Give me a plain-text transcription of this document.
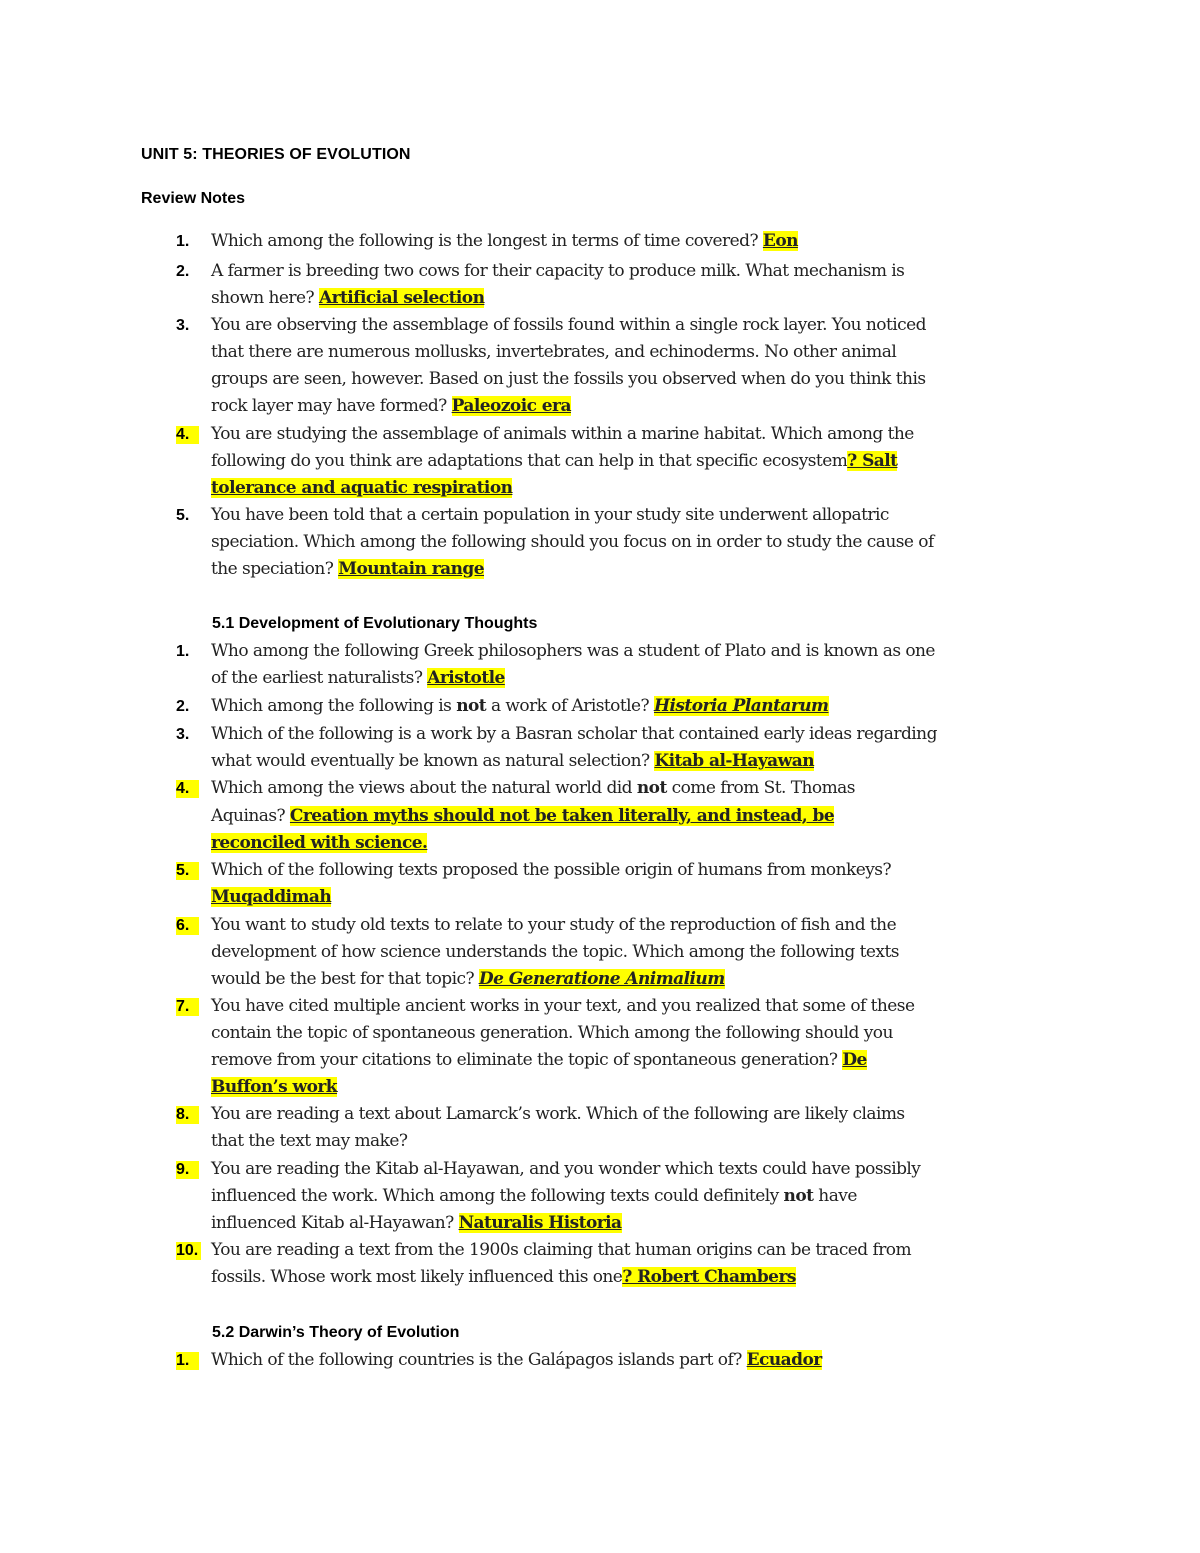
UNIT 5: THEORIES OF EVOLUTION
Review Notes
1. Which among the following is the longest in terms of time covered? Eon
2. A farmer is breeding two cows for their capacity to produce milk. What mechanism is
shown here? Artificial selection
3. You are observing the assemblage of fossils found within a single rock layer. You noticed
that there are numerous mollusks, invertebrates, and echinoderms. No other animal
groups are seen, however. Based on just the fossils you observed when do you think this
rock layer may have formed? Paleozoic era
4.	You are studying the assemblage of animals within a marine habitat. Which among the
following do you think are adaptations that can help in that specific ecosystem? Salt
tolerance and aquatic respiration
5. You have been told that a certain population in your study site underwent allopatric
speciation. Which among the following should you focus on in order to study the cause of
the speciation? Mountain range
5.1 Development of Evolutionary Thoughts
1. Who among the following Greek philosophers was a student of Plato and is known as one
of the earliest naturalists? Aristotle
2. Which among the following is not a work of Aristotle? Historia Plantarum
3. Which of the following is a work by a Basran scholar that contained early ideas regarding
what would eventually be known as natural selection? Kitab al-Hayawan
4.	Which among the views about the natural world did not come from St. Thomas
Aquinas? Creation myths should not be taken literally, and instead, be
reconciled with science.
5.	Which of the following texts proposed the possible origin of humans from monkeys?
Muqaddimah
6.	You want to study old texts to relate to your study of the reproduction of fish and the
development of how science understands the topic. Which among the following texts
would be the best for that topic? De Generatione Animalium
7.	You have cited multiple ancient works in your text, and you realized that some of these
contain the topic of spontaneous generation. Which among the following should you
remove from your citations to eliminate the topic of spontaneous generation? De
Buffon’s work
8.	You are reading a text about Lamarck’s work. Which of the following are likely claims
that the text may make?
9.	You are reading the Kitab al-Hayawan, and you wonder which texts could have possibly
influenced the work. Which among the following texts could definitely not have
influenced Kitab al-Hayawan? Naturalis Historia
10. You are reading a text from the 1900s claiming that human origins can be traced from
fossils. Whose work most likely influenced this one? Robert Chambers
5.2 Darwin’s Theory of Evolution
1.	Which of the following countries is the Galápagos islands part of? Ecuador
